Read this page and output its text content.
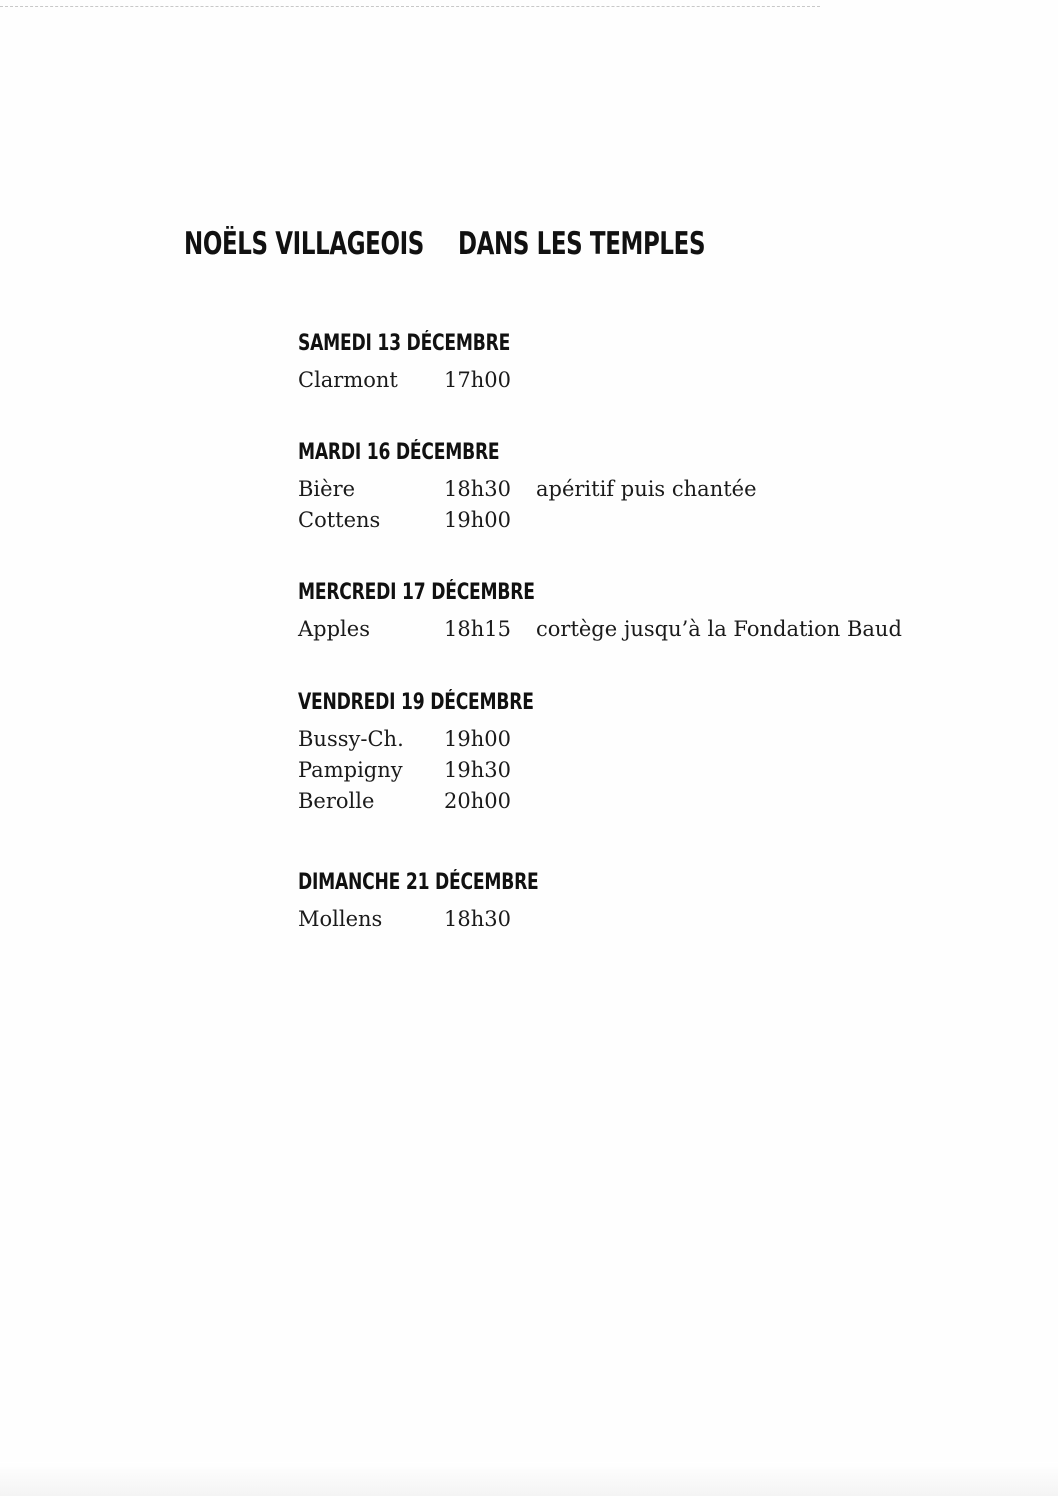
NOËLS VILLAGEOIS DANS LES TEMPLES
SAMEDI 13 DÉCEMBRE
Clarmont	17h00
MARDI 16 DÉCEMBRE
Bière	18h30	apéritif puis chantée
Cottens	19h00
MERCREDI 17 DÉCEMBRE
Apples	18h15	cortège jusqu’à la Fondation Baud
VENDREDI 19 DÉCEMBRE
Bussy-Ch.	19h00
Pampigny	19h30
Berolle	20h00
DIMANCHE 21 DÉCEMBRE
Mollens	18h30
